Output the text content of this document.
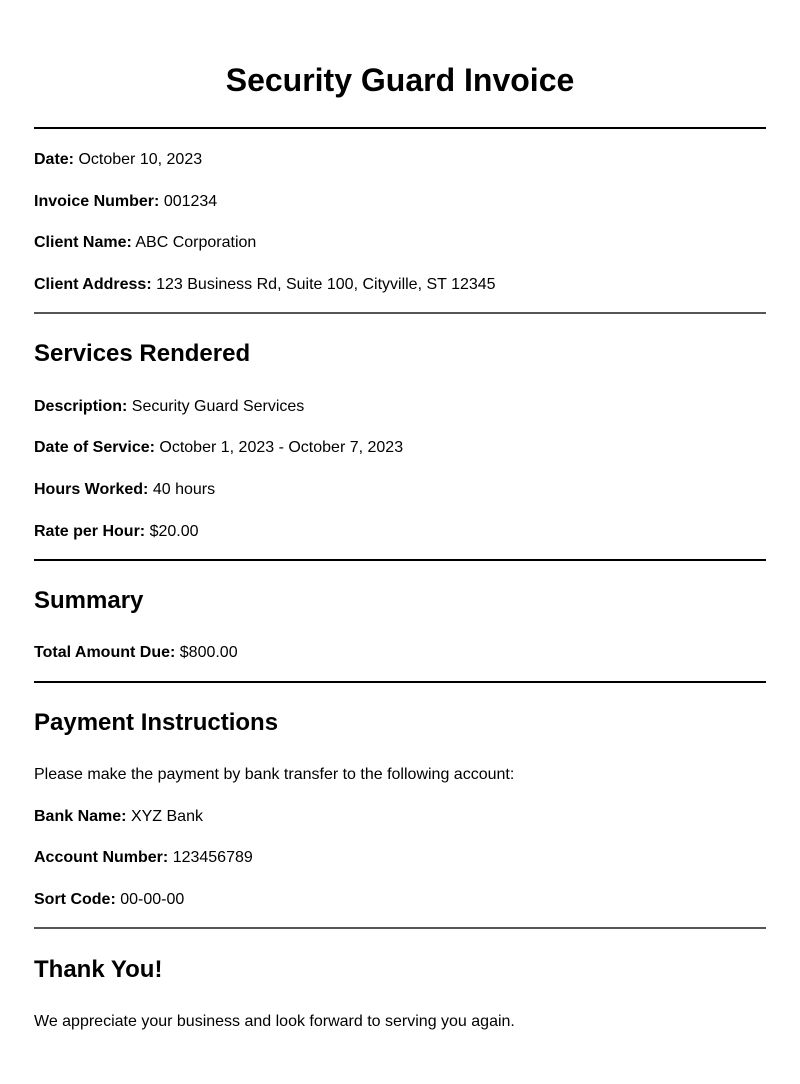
Security Guard Invoice

Date: October 10, 2023

Invoice Number: 001234

Client Name: ABC Corporation

Client Address: 123 Business Rd, Suite 100, Cityville, ST 12345

Services Rendered

Description: Security Guard Services

Date of Service: October 1, 2023 - October 7, 2023

Hours Worked: 40 hours

Rate per Hour: $20.00

Summary

Total Amount Due: $800.00

Payment Instructions

Please make the payment by bank transfer to the following account:

Bank Name: XYZ Bank

Account Number: 123456789

Sort Code: 00-00-00

Thank You!

We appreciate your business and look forward to serving you again.
